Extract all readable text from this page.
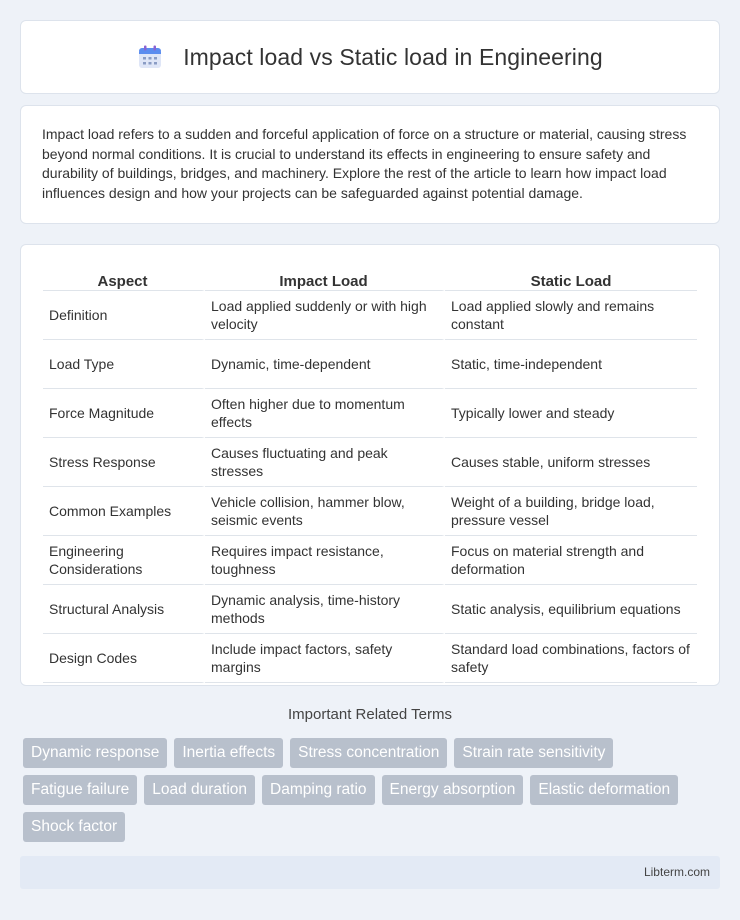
Impact load vs Static load in Engineering

Impact load refers to a sudden and forceful application of force on a structure or material, causing stress beyond normal conditions. It is crucial to understand its effects in engineering to ensure safety and durability of buildings, bridges, and machinery. Explore the rest of the article to learn how impact load influences design and how your projects can be safeguarded against potential damage.

Aspect	Impact Load	Static Load
Definition	Load applied suddenly or with high velocity	Load applied slowly and remains constant
Load Type	Dynamic, time-dependent	Static, time-independent
Force Magnitude	Often higher due to momentum effects	Typically lower and steady
Stress Response	Causes fluctuating and peak stresses	Causes stable, uniform stresses
Common Examples	Vehicle collision, hammer blow, seismic events	Weight of a building, bridge load, pressure vessel
Engineering Considerations	Requires impact resistance, toughness	Focus on material strength and deformation
Structural Analysis	Dynamic analysis, time-history methods	Static analysis, equilibrium equations
Design Codes	Include impact factors, safety margins	Standard load combinations, factors of safety
Important Related Terms
Dynamic response	Inertia effects	Stress concentration	Strain rate sensitivity
Fatigue failure	Load duration	Damping ratio	Energy absorption	Elastic deformation
Shock factor
Libterm.com
